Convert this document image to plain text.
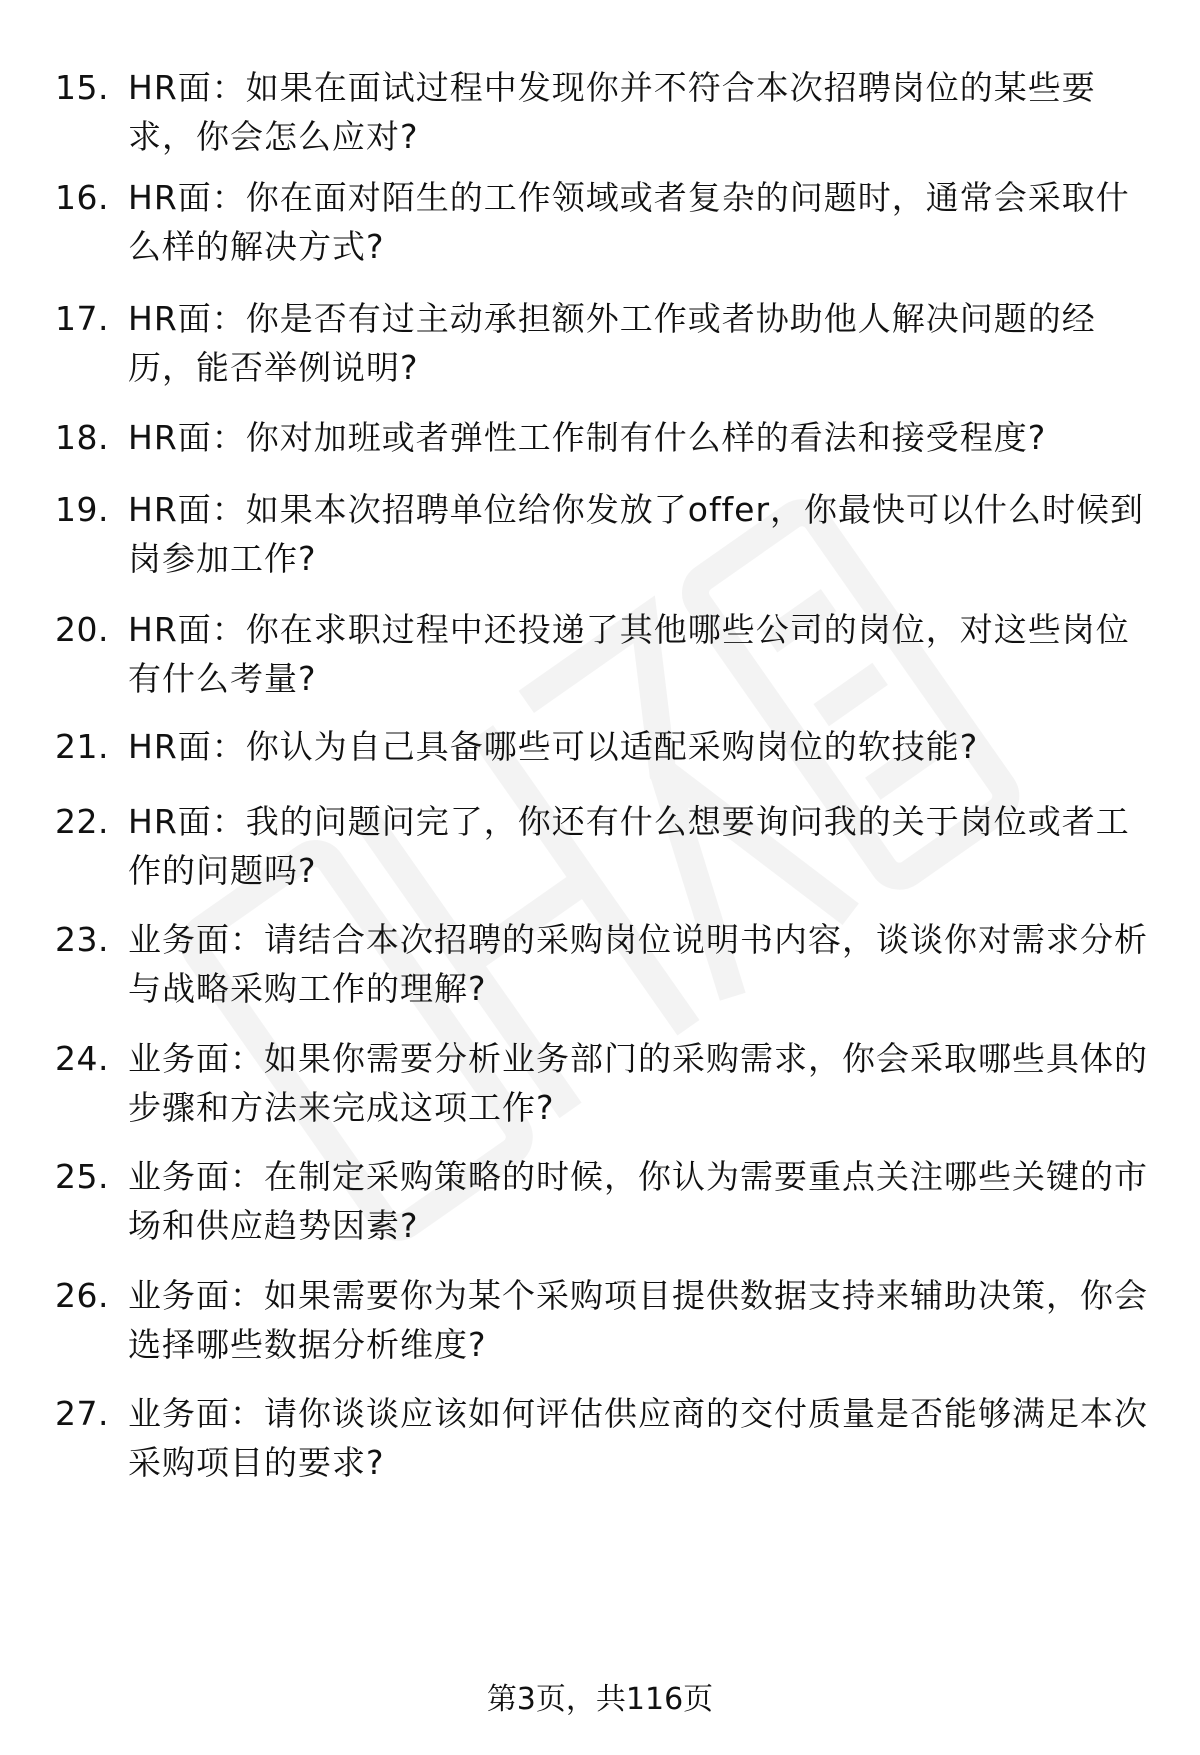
15. HR面：如果在面试过程中发现你并不符合本次招聘岗位的某些要求，你会怎么应对?
16. HR面：你在面对陌生的工作领域或者复杂的问题时，通常会采取什么样的解决方式?
17. HR面：你是否有过主动承担额外工作或者协助他人解决问题的经历，能否举例说明?
18. HR面：你对加班或者弹性工作制有什么样的看法和接受程度?
19. HR面：如果本次招聘单位给你发放了offer，你最快可以什么时候到岗参加工作?
20. HR面：你在求职过程中还投递了其他哪些公司的岗位，对这些岗位有什么考量?
21. HR面：你认为自己具备哪些可以适配采购岗位的软技能?
22. HR面：我的问题问完了，你还有什么想要询问我的关于岗位或者工作的问题吗?
23. 业务面：请结合本次招聘的采购岗位说明书内容，谈谈你对需求分析与战略采购工作的理解?
24. 业务面：如果你需要分析业务部门的采购需求，你会采取哪些具体的步骤和方法来完成这项工作?
25. 业务面：在制定采购策略的时候，你认为需要重点关注哪些关键的市场和供应趋势因素?
26. 业务面：如果需要你为某个采购项目提供数据支持来辅助决策，你会选择哪些数据分析维度?
27. 业务面：请你谈谈应该如何评估供应商的交付质量是否能够满足本次采购项目的要求?
第3页，共116页
